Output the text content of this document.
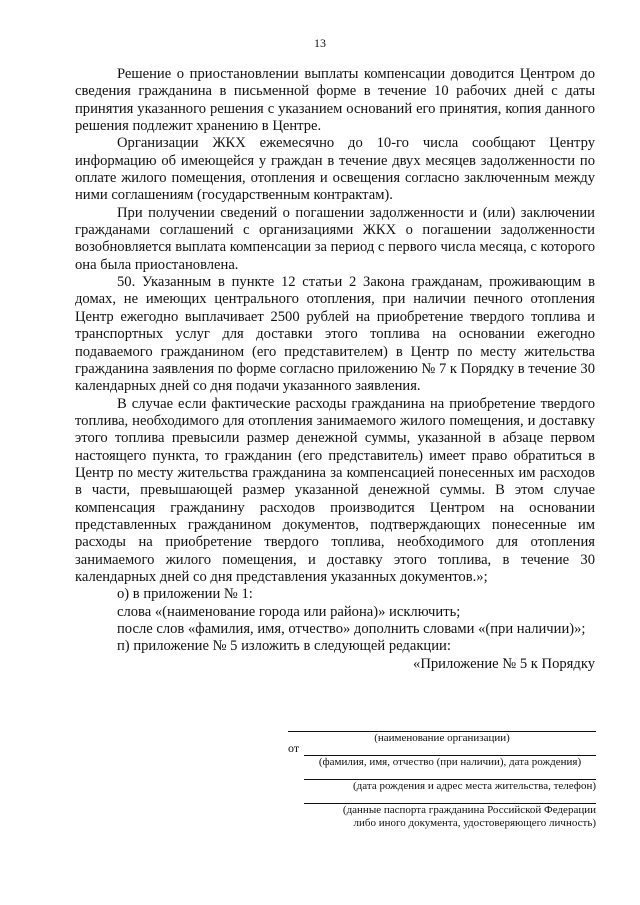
13

Решение о приостановлении выплаты компенсации доводится Центром до сведения гражданина в письменной форме в течение 10 рабочих дней с даты принятия указанного решения с указанием оснований его принятия, копия данного решения подлежит хранению в Центре.

Организации ЖКХ ежемесячно до 10-го числа сообщают Центру информацию об имеющейся у граждан в течение двух месяцев задолженности по оплате жилого помещения, отопления и освещения согласно заключенным между ними соглашениям (государственным контрактам).

При получении сведений о погашении задолженности и (или) заключении гражданами соглашений с организациями ЖКХ о погашении задолженности возобновляется выплата компенсации за период с первого числа месяца, с которого она была приостановлена.

50. Указанным в пункте 12 статьи 2 Закона гражданам, проживающим в домах, не имеющих центрального отопления, при наличии печного отопления Центр ежегодно выплачивает 2500 рублей на приобретение твердого топлива и транспортных услуг для доставки этого топлива на основании ежегодно подаваемого гражданином (его представителем) в Центр по месту жительства гражданина заявления по форме согласно приложению № 7 к Порядку в течение 30 календарных дней со дня подачи указанного заявления.

В случае если фактические расходы гражданина на приобретение твердого топлива, необходимого для отопления занимаемого жилого помещения, и доставку этого топлива превысили размер денежной суммы, указанной в абзаце первом настоящего пункта, то гражданин (его представитель) имеет право обратиться в Центр по месту жительства гражданина за компенсацией понесенных им расходов в части, превышающей размер указанной денежной суммы. В этом случае компенсация гражданину расходов производится Центром на основании представленных гражданином документов, подтверждающих понесенные им расходы на приобретение твердого топлива, необходимого для отопления занимаемого жилого помещения, и доставку этого топлива, в течение 30 календарных дней со дня представления указанных документов.»;

о) в приложении № 1:

слова «(наименование города или района)» исключить;

после слов «фамилия, имя, отчество» дополнить словами «(при наличии)»;

п) приложение № 5 изложить в следующей редакции:

«Приложение № 5 к Порядку

(наименование организации)
от
(фамилия, имя, отчество (при наличии), дата рождения)
(дата рождения и адрес места жительства, телефон)
(данные паспорта гражданина Российской Федерации
либо иного документа, удостоверяющего личность)
